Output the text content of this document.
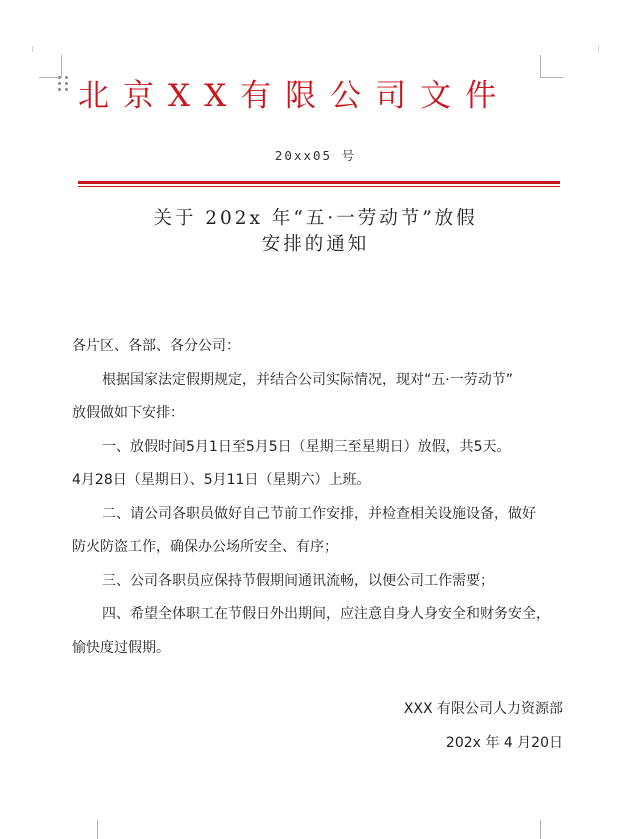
北京XX有限公司文件
20xx05 号
关于 202x 年“五·一劳动节”放假
安排的通知

各片区、各部、各分公司：

根据国家法定假期规定，并结合公司实际情况，现对“五·一劳动节”

放假做如下安排：

一、放假时间5月1日至5月5日（星期三至星期日）放假，共5天。

4月28日（星期日）、5月11日（星期六）上班。

二、请公司各职员做好自己节前工作安排，并检查相关设施设备，做好

防火防盗工作，确保办公场所安全、有序；

三、公司各职员应保持节假期间通讯流畅，以便公司工作需要；

四、希望全体职工在节假日外出期间，应注意自身人身安全和财务安全，

愉快度过假期。

XXX 有限公司人力资源部
202x 年 4 月20日
